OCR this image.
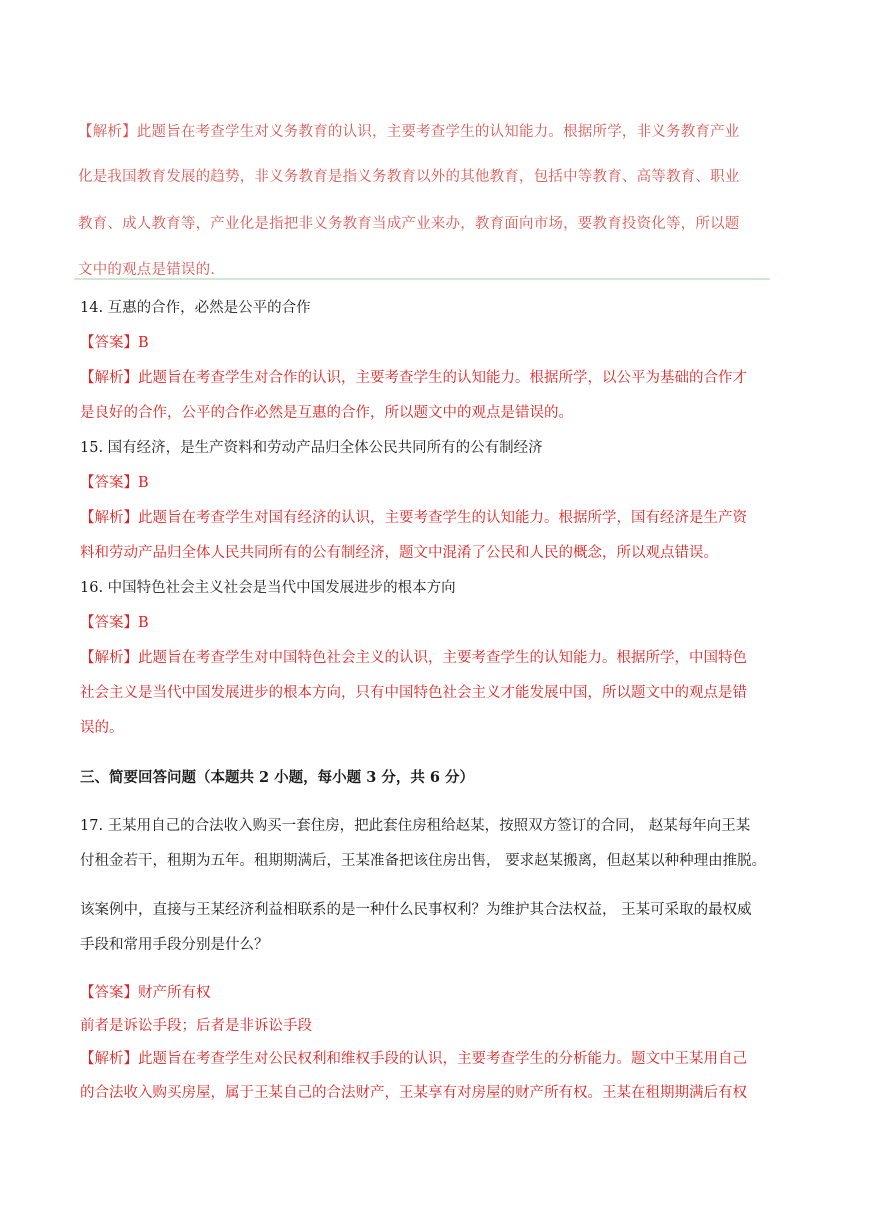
【解析】此题旨在考查学生对义务教育的认识，主要考查学生的认知能力。根据所学，非义务教育产业
化是我国教育发展的趋势，非义务教育是指义务教育以外的其他教育，包括中等教育、高等教育、职业
教育、成人教育等，产业化是指把非义务教育当成产业来办，教育面向市场，要教育投资化等，所以题
文中的观点是错误的.
14. 互惠的合作，必然是公平的合作
【答案】B
【解析】此题旨在考查学生对合作的认识，主要考查学生的认知能力。根据所学，以公平为基础的合作才
是良好的合作，公平的合作必然是互惠的合作，所以题文中的观点是错误的。
15. 国有经济，是生产资料和劳动产品归全体公民共同所有的公有制经济
【答案】B
【解析】此题旨在考查学生对国有经济的认识，主要考查学生的认知能力。根据所学，国有经济是生产资
料和劳动产品归全体人民共同所有的公有制经济，题文中混淆了公民和人民的概念，所以观点错误。
16. 中国特色社会主义社会是当代中国发展进步的根本方向
【答案】B
【解析】此题旨在考查学生对中国特色社会主义的认识，主要考查学生的认知能力。根据所学，中国特色
社会主义是当代中国发展进步的根本方向，只有中国特色社会主义才能发展中国，所以题文中的观点是错
误的。
三、简要回答问题（本题共 2 小题，每小题 3 分，共 6 分）
17. 王某用自己的合法收入购买一套住房，把此套住房租给赵某，按照双方签订的合同， 赵某每年向王某
付租金若干，租期为五年。租期期满后，王某准备把该住房出售， 要求赵某搬离，但赵某以种种理由推脱。
该案例中，直接与王某经济利益相联系的是一种什么民事权利？为维护其合法权益， 王某可采取的最权威
手段和常用手段分别是什么？
【答案】财产所有权
前者是诉讼手段；后者是非诉讼手段
【解析】此题旨在考查学生对公民权利和维权手段的认识，主要考查学生的分析能力。题文中王某用自己
的合法收入购买房屋，属于王某自己的合法财产，王某享有对房屋的财产所有权。王某在租期期满后有权
